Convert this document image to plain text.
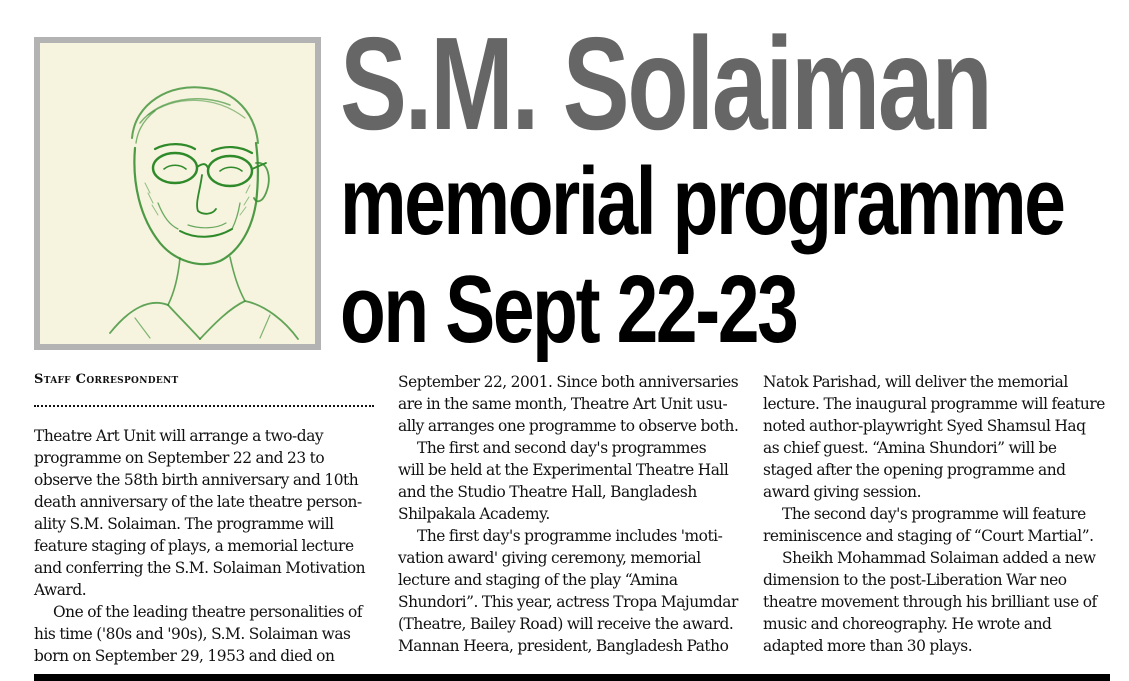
S.M. Solaiman
memorial programme
on Sept 22-23
Staff Correspondent

Theatre Art Unit will arrange a two-day
programme on September 22 and 23 to
observe the 58th birth anniversary and 10th
death anniversary of the late theatre person-
ality S.M. Solaiman. The programme will
feature staging of plays, a memorial lecture
and conferring the S.M. Solaiman Motivation
Award.

One of the leading theatre personalities of
his time ('80s and '90s), S.M. Solaiman was
born on September 29, 1953 and died on

September 22, 2001. Since both anniversaries
are in the same month, Theatre Art Unit usu-
ally arranges one programme to observe both.

The first and second day's programmes
will be held at the Experimental Theatre Hall
and the Studio Theatre Hall, Bangladesh
Shilpakala Academy.

The first day's programme includes 'moti-
vation award' giving ceremony, memorial
lecture and staging of the play “Amina
Shundori”. This year, actress Tropa Majumdar
(Theatre, Bailey Road) will receive the award.
Mannan Heera, president, Bangladesh Patho

Natok Parishad, will deliver the memorial
lecture. The inaugural programme will feature
noted author-playwright Syed Shamsul Haq
as chief guest. “Amina Shundori” will be
staged after the opening programme and
award giving session.

The second day's programme will feature
reminiscence and staging of “Court Martial”.

Sheikh Mohammad Solaiman added a new
dimension to the post-Liberation War neo
theatre movement through his brilliant use of
music and choreography. He wrote and
adapted more than 30 plays.
